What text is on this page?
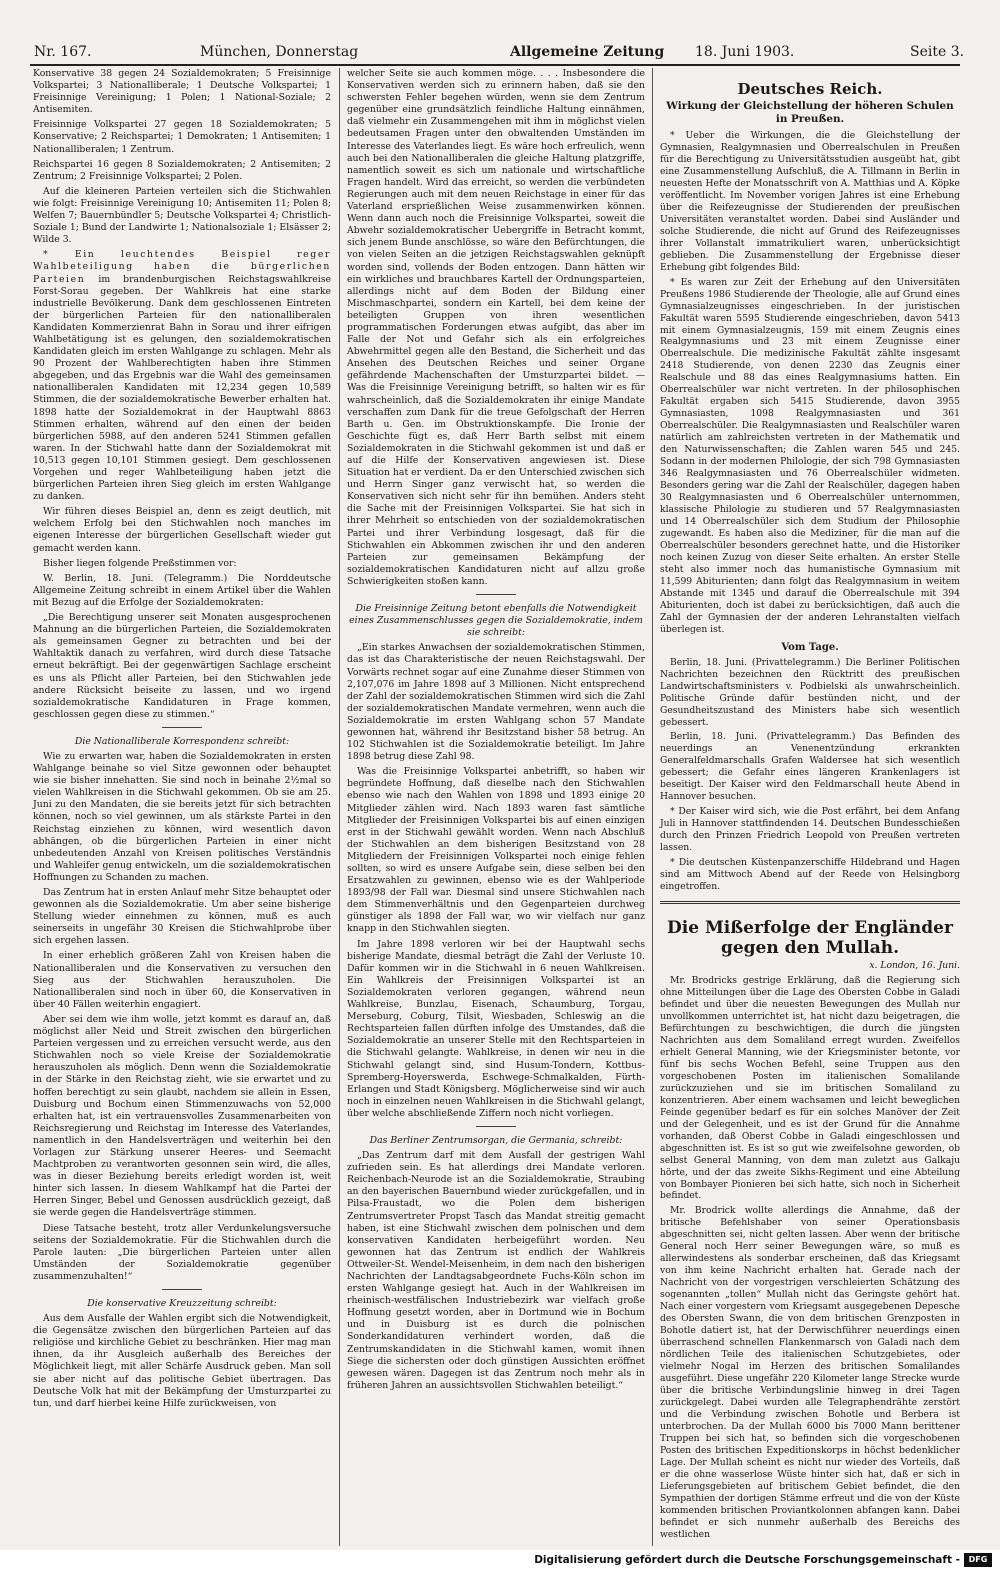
Nr. 167.	München, Donnerstag	Allgemeine Zeitung 18. Juni 1903.	Seite 3.

Konservative 38 gegen 24 Sozialdemokraten; 5 Freisinnige Volkspartei; 3 Nationalliberale; 1 Deutsche Volkspartei; 1 Freisinnige Vereinigung; 1 Polen; 1 National-Soziale; 2 Antisemiten.

Freisinnige Volkspartei 27 gegen 18 Sozialdemokraten; 5 Konservative; 2 Reichspartei; 1 Demokraten; 1 Antisemiten; 1 Nationalliberalen; 1 Zentrum.

Reichspartei 16 gegen 8 Sozialdemokraten; 2 Antisemiten; 2 Zentrum; 2 Freisinnige Volkspartei; 2 Polen.

Auf die kleineren Parteien verteilen sich die Stichwahlen wie folgt: Freisinnige Vereinigung 10; Antisemiten 11; Polen 8; Welfen 7; Bauernbündler 5; Deutsche Volkspartei 4; Christlich-Soziale 1; Bund der Landwirte 1; Nationalsoziale 1; Elsässer 2; Wilde 3.

* Ein leuchtendes Beispiel reger Wahlbeteiligung haben die bürgerlichen Parteien im brandenburgischen Reichstagswahlkreise Forst-Sorau gegeben. Der Wahlkreis hat eine starke industrielle Bevölkerung. Dank dem geschlossenen Eintreten der bürgerlichen Parteien für den nationalliberalen Kandidaten Kommerzienrat Bahn in Sorau und ihrer eifrigen Wahlbetätigung ist es gelungen, den sozialdemokratischen Kandidaten gleich im ersten Wahlgange zu schlagen. Mehr als 90 Prozent der Wahlberechtigten haben ihre Stimmen abgegeben, und das Ergebnis war die Wahl des gemeinsamen nationalliberalen Kandidaten mit 12,234 gegen 10,589 Stimmen, die der sozialdemokratische Bewerber erhalten hat. 1898 hatte der Sozialdemokrat in der Hauptwahl 8863 Stimmen erhalten, während auf den einen der beiden bürgerlichen 5988, auf den anderen 5241 Stimmen gefallen waren. In der Stichwahl hatte dann der Sozialdemokrat mit 10,513 gegen 10,101 Stimmen gesiegt. Dem geschlossenen Vorgehen und reger Wahlbeteiligung haben jetzt die bürgerlichen Parteien ihren Sieg gleich im ersten Wahlgange zu danken.

Wir führen dieses Beispiel an, denn es zeigt deutlich, mit welchem Erfolg bei den Stichwahlen noch manches im eigenen Interesse der bürgerlichen Gesellschaft wieder gut gemacht werden kann.

Bisher liegen folgende Preßstimmen vor:

W. Berlin, 18. Juni. (Telegramm.) Die Norddeutsche Allgemeine Zeitung schreibt in einem Artikel über die Wahlen mit Bezug auf die Erfolge der Sozialdemokraten:

„Die Berechtigung unserer seit Monaten ausgesprochenen Mahnung an die bürgerlichen Parteien, die Sozialdemokraten als gemeinsamen Gegner zu betrachten und bei der Wahltaktik danach zu verfahren, wird durch diese Tatsache erneut bekräftigt. Bei der gegenwärtigen Sachlage erscheint es uns als Pflicht aller Parteien, bei den Stichwahlen jede andere Rücksicht beiseite zu lassen, und wo irgend sozialdemokratische Kandidaturen in Frage kommen, geschlossen gegen diese zu stimmen.“

Die Nationalliberale Korrespondenz schreibt:

Wie zu erwarten war, haben die Sozialdemokraten in ersten Wahlgange beinahe so viel Sitze gewonnen oder behauptet wie sie bisher innehatten. Sie sind noch in beinahe 2½mal so vielen Wahlkreisen in die Stichwahl gekommen. Ob sie am 25. Juni zu den Mandaten, die sie bereits jetzt für sich betrachten können, noch so viel gewinnen, um als stärkste Partei in den Reichstag einziehen zu können, wird wesentlich davon abhängen, ob die bürgerlichen Parteien in einer nicht unbedeutenden Anzahl von Kreisen politisches Verständnis und Wahleifer genug entwickeln, um die sozialdemokratischen Hoffnungen zu Schanden zu machen.

Das Zentrum hat in ersten Anlauf mehr Sitze behauptet oder gewonnen als die Sozialdemokratie. Um aber seine bisherige Stellung wieder einnehmen zu können, muß es auch seinerseits in ungefähr 30 Kreisen die Stichwahlprobe über sich ergehen lassen.

In einer erheblich größeren Zahl von Kreisen haben die Nationalliberalen und die Konservativen zu versuchen den Sieg aus der Stichwahlen herauszuholen. Die Nationalliberalen sind noch in über 60, die Konservativen in über 40 Fällen weiterhin engagiert.

Aber sei dem wie ihm wolle, jetzt kommt es darauf an, daß möglichst aller Neid und Streit zwischen den bürgerlichen Parteien vergessen und zu erreichen versucht werde, aus den Stichwahlen noch so viele Kreise der Sozialdemokratie herauszuholen als möglich. Denn wenn die Sozialdemokratie in der Stärke in den Reichstag zieht, wie sie erwartet und zu hoffen berechtigt zu sein glaubt, nachdem sie allein in Essen, Duisburg und Bochum einen Stimmenzuwachs von 52,000 erhalten hat, ist ein vertrauensvolles Zusammenarbeiten von Reichsregierung und Reichstag im Interesse des Vaterlandes, namentlich in den Handelsverträgen und weiterhin bei den Vorlagen zur Stärkung unserer Heeres- und Seemacht Machtproben zu verantworten gesonnen sein wird, die alles, was in dieser Beziehung bereits erledigt worden ist, weit hinter sich lassen. In diesem Wahlkampf hat die Partei der Herren Singer, Bebel und Genossen ausdrücklich gezeigt, daß sie werde gegen die Handelsverträge stimmen.

Diese Tatsache besteht, trotz aller Verdunkelungsversuche seitens der Sozialdemokratie. Für die Stichwahlen durch die Parole lauten: „Die bürgerlichen Parteien unter allen Umständen der Sozialdemokratie gegenüber zusammenzuhalten!“

Die konservative Kreuzzeitung schreibt:

Aus dem Ausfalle der Wahlen ergibt sich die Notwendigkeit, die Gegensätze zwischen den bürgerlichen Parteien auf das religiöse und kirchliche Gebiet zu beschränken. Hier mag man ihnen, da ihr Ausgleich außerhalb des Bereiches der Möglichkeit liegt, mit aller Schärfe Ausdruck geben. Man soll sie aber nicht auf das politische Gebiet übertragen. Das Deutsche Volk hat mit der Bekämpfung der Umsturzpartei zu tun, und darf hierbei keine Hilfe zurückweisen, von

welcher Seite sie auch kommen möge. . . . Insbesondere die Konservativen werden sich zu erinnern haben, daß sie den schwersten Fehler begehen würden, wenn sie dem Zentrum gegenüber eine grundsätzlich feindliche Haltung einnähmen, daß vielmehr ein Zusammengehen mit ihm in möglichst vielen bedeutsamen Fragen unter den obwaltenden Umständen im Interesse des Vaterlandes liegt. Es wäre hoch erfreulich, wenn auch bei den Nationalliberalen die gleiche Haltung platzgriffe, namentlich soweit es sich um nationale und wirtschaftliche Fragen handelt. Wird das erreicht, so werden die verbündeten Regierungen auch mit dem neuen Reichstage in einer für das Vaterland ersprießlichen Weise zusammenwirken können. Wenn dann auch noch die Freisinnige Volkspartei, soweit die Abwehr sozialdemokratischer Uebergriffe in Betracht kommt, sich jenem Bunde anschlösse, so wäre den Befürchtungen, die von vielen Seiten an die jetzigen Reichstagswahlen geknüpft worden sind, vollends der Boden entzogen. Dann hätten wir ein wirkliches und brauchbares Kartell der Ordnungsparteien, allerdings nicht auf dem Boden der Bildung einer Mischmaschpartei, sondern ein Kartell, bei dem keine der beteiligten Gruppen von ihren wesentlichen programmatischen Forderungen etwas aufgibt, das aber im Falle der Not und Gefahr sich als ein erfolgreiches Abwehrmittel gegen alle den Bestand, die Sicherheit und das Ansehen des Deutschen Reiches und seiner Organe gefährdende Machenschaften der Umsturzpartei bildet. — Was die Freisinnige Vereinigung betrifft, so halten wir es für wahrscheinlich, daß die Sozialdemokraten ihr einige Mandate verschaffen zum Dank für die treue Gefolgschaft der Herren Barth u. Gen. im Obstruktionskampfe. Die Ironie der Geschichte fügt es, daß Herr Barth selbst mit einem Sozialdemokraten in die Stichwahl gekommen ist und daß er auf die Hilfe der Konservativen angewiesen ist. Diese Situation hat er verdient. Da er den Unterschied zwischen sich und Herrn Singer ganz verwischt hat, so werden die Konservativen sich nicht sehr für ihn bemühen. Anders steht die Sache mit der Freisinnigen Volkspartei. Sie hat sich in ihrer Mehrheit so entschieden von der sozialdemokratischen Partei und ihrer Verbindung losgesagt, daß für die Stichwahlen ein Abkommen zwischen ihr und den anderen Parteien zur gemeinsamen Bekämpfung der sozialdemokratischen Kandidaturen nicht auf allzu große Schwierigkeiten stoßen kann.

Die Freisinnige Zeitung betont ebenfalls die Notwendigkeit eines Zusammenschlusses gegen die Sozialdemokratie, indem sie schreibt:

„Ein starkes Anwachsen der sozialdemokratischen Stimmen, das ist das Charakteristische der neuen Reichstagswahl. Der Vorwärts rechnet sogar auf eine Zunahme dieser Stimmen von 2,107,076 im Jahre 1898 auf 3 Millionen. Nicht entsprechend der Zahl der sozialdemokratischen Stimmen wird sich die Zahl der sozialdemokratischen Mandate vermehren, wenn auch die Sozialdemokratie im ersten Wahlgang schon 57 Mandate gewonnen hat, während ihr Besitzstand bisher 58 betrug. An 102 Stichwahlen ist die Sozialdemokratie beteiligt. Im Jahre 1898 betrug diese Zahl 98.

Was die Freisinnige Volkspartei anbetrifft, so haben wir begründete Hoffnung, daß dieselbe nach den Stichwahlen ebenso wie nach den Wahlen von 1898 und 1893 einige 20 Mitglieder zählen wird. Nach 1893 waren fast sämtliche Mitglieder der Freisinnigen Volkspartei bis auf einen einzigen erst in der Stichwahl gewählt worden. Wenn nach Abschluß der Stichwahlen an dem bisherigen Besitzstand von 28 Mitgliedern der Freisinnigen Volkspartei noch einige fehlen sollten, so wird es unsere Aufgabe sein, diese selben bei den Ersatzwahlen zu gewinnen, ebenso wie es der Wahlperiode 1893/98 der Fall war. Diesmal sind unsere Stichwahlen nach dem Stimmenverhältnis und den Gegenparteien durchweg günstiger als 1898 der Fall war, wo wir vielfach nur ganz knapp in den Stichwahlen siegten.

Im Jahre 1898 verloren wir bei der Hauptwahl sechs bisherige Mandate, diesmal beträgt die Zahl der Verluste 10. Dafür kommen wir in die Stichwahl in 6 neuen Wahlkreisen. Ein Wahlkreis der Freisinnigen Volkspartei ist an Sozialdemokraten verloren gegangen, während neun Wahlkreise, Bunzlau, Eisenach, Schaumburg, Torgau, Merseburg, Coburg, Tilsit, Wiesbaden, Schleswig an die Rechtsparteien fallen dürften infolge des Umstandes, daß die Sozialdemokratie an unserer Stelle mit den Rechtsparteien in die Stichwahl gelangte. Wahlkreise, in denen wir neu in die Stichwahl gelangt sind, sind Husum-Tondern, Kottbus-Spremberg-Hoyerswerda, Eschwege-Schmalkalden, Fürth-Erlangen und Stadt Königsberg. Möglicherweise sind wir auch noch in einzelnen neuen Wahlkreisen in die Stichwahl gelangt, über welche abschließende Ziffern noch nicht vorliegen.

Das Berliner Zentrumsorgan, die Germania, schreibt:

„Das Zentrum darf mit dem Ausfall der gestrigen Wahl zufrieden sein. Es hat allerdings drei Mandate verloren. Reichenbach-Neurode ist an die Sozialdemokratie, Straubing an den bayerischen Bauernbund wieder zurückgefallen, und in Pilsa-Fraustadt, wo die Polen dem bisherigen Zentrumsvertreter Propst Tasch das Mandat streitig gemacht haben, ist eine Stichwahl zwischen dem polnischen und dem konservativen Kandidaten herbeigeführt worden. Neu gewonnen hat das Zentrum ist endlich der Wahlkreis Ottweiler-St. Wendel-Meisenheim, in dem nach den bisherigen Nachrichten der Landtagsabgeordnete Fuchs-Köln schon im ersten Wahlgange gesiegt hat. Auch in der Wahlkreisen im rheinisch-westfälischen Industriebezirk war vielfach große Hoffnung gesetzt worden, aber in Dortmund wie in Bochum und in Duisburg ist es durch die polnischen Sonderkandidaturen verhindert worden, daß die Zentrumskandidaten in die Stichwahl kamen, womit ihnen Siege die sichersten oder doch günstigen Aussichten eröffnet gewesen wären. Dagegen ist das Zentrum noch mehr als in früheren Jahren an aussichtsvollen Stichwahlen beteiligt.“

Deutsches Reich.
Wirkung der Gleichstellung der höheren Schulen in Preußen.

* Ueber die Wirkungen, die die Gleichstellung der Gymnasien, Realgymnasien und Oberrealschulen in Preußen für die Berechtigung zu Universitätsstudien ausgeübt hat, gibt eine Zusammenstellung Aufschluß, die A. Tillmann in Berlin in neuesten Hefte der Monatsschrift von A. Matthias und A. Köpke veröffentlicht. Im November vorigen Jahres ist eine Erhebung über die Reifezeugnisse der Studierenden der preußischen Universitäten veranstaltet worden. Dabei sind Ausländer und solche Studierende, die nicht auf Grund des Reifezeugnisses ihrer Vollanstalt immatrikuliert waren, unberücksichtigt geblieben. Die Zusammenstellung der Ergebnisse dieser Erhebung gibt folgendes Bild:

* Es waren zur Zeit der Erhebung auf den Universitäten Preußens 1986 Studierende der Theologie, alle auf Grund eines Gymnasialzeugnisses eingeschrieben. In der juristischen Fakultät waren 5595 Studierende eingeschrieben, davon 5413 mit einem Gymnasialzeugnis, 159 mit einem Zeugnis eines Realgymnasiums und 23 mit einem Zeugnisse einer Oberrealschule. Die medizinische Fakultät zählte insgesamt 2418 Studierende, von denen 2230 das Zeugnis einer Realschule und 88 das eines Realgymnasiums hatten. Ein Oberrealschüler war nicht vertreten. In der philosophischen Fakultät ergaben sich 5415 Studierende, davon 3955 Gymnasiasten, 1098 Realgymnasiasten und 361 Oberrealschüler. Die Realgymnasiasten und Realschüler waren natürlich am zahlreichsten vertreten in der Mathematik und den Naturwissenschaften; die Zahlen waren 545 und 245. Sodann in der modernen Philologie, der sich 798 Gymnasiasten 346 Realgymnasiasten und 76 Oberrealschüler widmeten. Besonders gering war die Zahl der Realschüler, dagegen haben 30 Realgymnasiasten und 6 Oberrealschüler unternommen, klassische Philologie zu studieren und 57 Realgymnasiasten und 14 Oberrealschüler sich dem Studium der Philosophie zugewandt. Es haben also die Mediziner, für die man auf die Oberrealschüler besonders gerechnet hatte, und die Historiker noch keinen Zuzug von dieser Seite erhalten. An erster Stelle steht also immer noch das humanistische Gymnasium mit 11,599 Abiturienten; dann folgt das Realgymnasium in weitem Abstande mit 1345 und darauf die Oberrealschule mit 394 Abiturienten, doch ist dabei zu berücksichtigen, daß auch die Zahl der Gymnasien der der anderen Lehranstalten vielfach überlegen ist.

Vom Tage.

Berlin, 18. Juni. (Privattelegramm.) Die Berliner Politischen Nachrichten bezeichnen den Rücktritt des preußischen Landwirtschaftsministers v. Podbielski als unwahrscheinlich. Politische Gründe dafür bestünden nicht, und der Gesundheitszustand des Ministers habe sich wesentlich gebessert.

Berlin, 18. Juni. (Privattelegramm.) Das Befinden des neuerdings an Venenentzündung erkrankten Generalfeldmarschalls Grafen Waldersee hat sich wesentlich gebessert; die Gefahr eines längeren Krankenlagers ist beseitigt. Der Kaiser wird den Feldmarschall heute Abend in Hannover besuchen.

* Der Kaiser wird sich, wie die Post erfährt, bei dem Anfang Juli in Hannover stattfindenden 14. Deutschen Bundesschießen durch den Prinzen Friedrich Leopold von Preußen vertreten lassen.

* Die deutschen Küstenpanzerschiffe Hildebrand und Hagen sind am Mittwoch Abend auf der Reede von Helsingborg eingetroffen.

Die Mißerfolge der Engländer gegen den Mullah.

x. London, 16. Juni.

Mr. Brodricks gestrige Erklärung, daß die Regierung sich ohne Mitteilungen über die Lage des Obersten Cobbe in Galadi befindet und über die neuesten Bewegungen des Mullah nur unvollkommen unterrichtet ist, hat nicht dazu beigetragen, die Befürchtungen zu beschwichtigen, die durch die jüngsten Nachrichten aus dem Somaliland erregt wurden. Zweifellos erhielt General Manning, wie der Kriegsminister betonte, vor fünf bis sechs Wochen Befehl, seine Truppen aus den vorgeschobenen Posten im italienischen Somalilande zurückzuziehen und sie im britischen Somaliland zu konzentrieren. Aber einem wachsamen und leicht beweglichen Feinde gegenüber bedarf es für ein solches Manöver der Zeit und der Gelegenheit, und es ist der Grund für die Annahme vorhanden, daß Oberst Cobbe in Galadi eingeschlossen und abgeschnitten ist. Es ist so gut wie zweifelsohne geworden, ob selbst General Manning, von dem man zuletzt aus Galkaju hörte, und der das zweite Sikhs-Regiment und eine Abteilung von Bombayer Pionieren bei sich hatte, sich noch in Sicherheit befindet.

Mr. Brodrick wollte allerdings die Annahme, daß der britische Befehlshaber von seiner Operationsbasis abgeschnitten sei, nicht gelten lassen. Aber wenn der britische General noch Herr seiner Bewegungen wäre, so muß es allerwindestens als sonderbar erscheinen, daß das Kriegsamt von ihm keine Nachricht erhalten hat. Gerade nach der Nachricht von der vorgestrigen verschleierten Schätzung des sogenannten „tollen“ Mullah nicht das Geringste gehört hat. Nach einer vorgestern vom Kriegsamt ausgegebenen Depesche des Obersten Swann, die von dem britischen Grenzposten in Bohotle datiert ist, hat der Derwischführer neuerdings einen überraschend schnellen Flankenmarsch von Galadi nach dem nördlichen Teile des italienischen Schutzgebietes, oder vielmehr Nogal im Herzen des britischen Somalilandes ausgeführt. Diese ungefähr 220 Kilometer lange Strecke wurde über die britische Verbindungslinie hinweg in drei Tagen zurückgelegt. Dabei wurden alle Telegraphendrähte zerstört und die Verbindung zwischen Bohotle und Berbera ist unterbrochen. Da der Mullah 6000 bis 7000 Mann berittener Truppen bei sich hat, so befinden sich die vorgeschobenen Posten des britischen Expeditionskorps in höchst bedenklicher Lage. Der Mullah scheint es nicht nur wieder des Vorteils, daß er die ohne wasserlose Wüste hinter sich hat, daß er sich in Lieferungsgebieten auf britischem Gebiet befindet, die den Sympathien der dortigen Stämme erfreut und die von der Küste kommenden britischen Proviantkolonnen abfangen kann. Dabei befindet er sich nunmehr außerhalb des Bereichs des westlichen

Digitalisierung gefördert durch die Deutsche Forschungsgemeinschaft -	DFG
